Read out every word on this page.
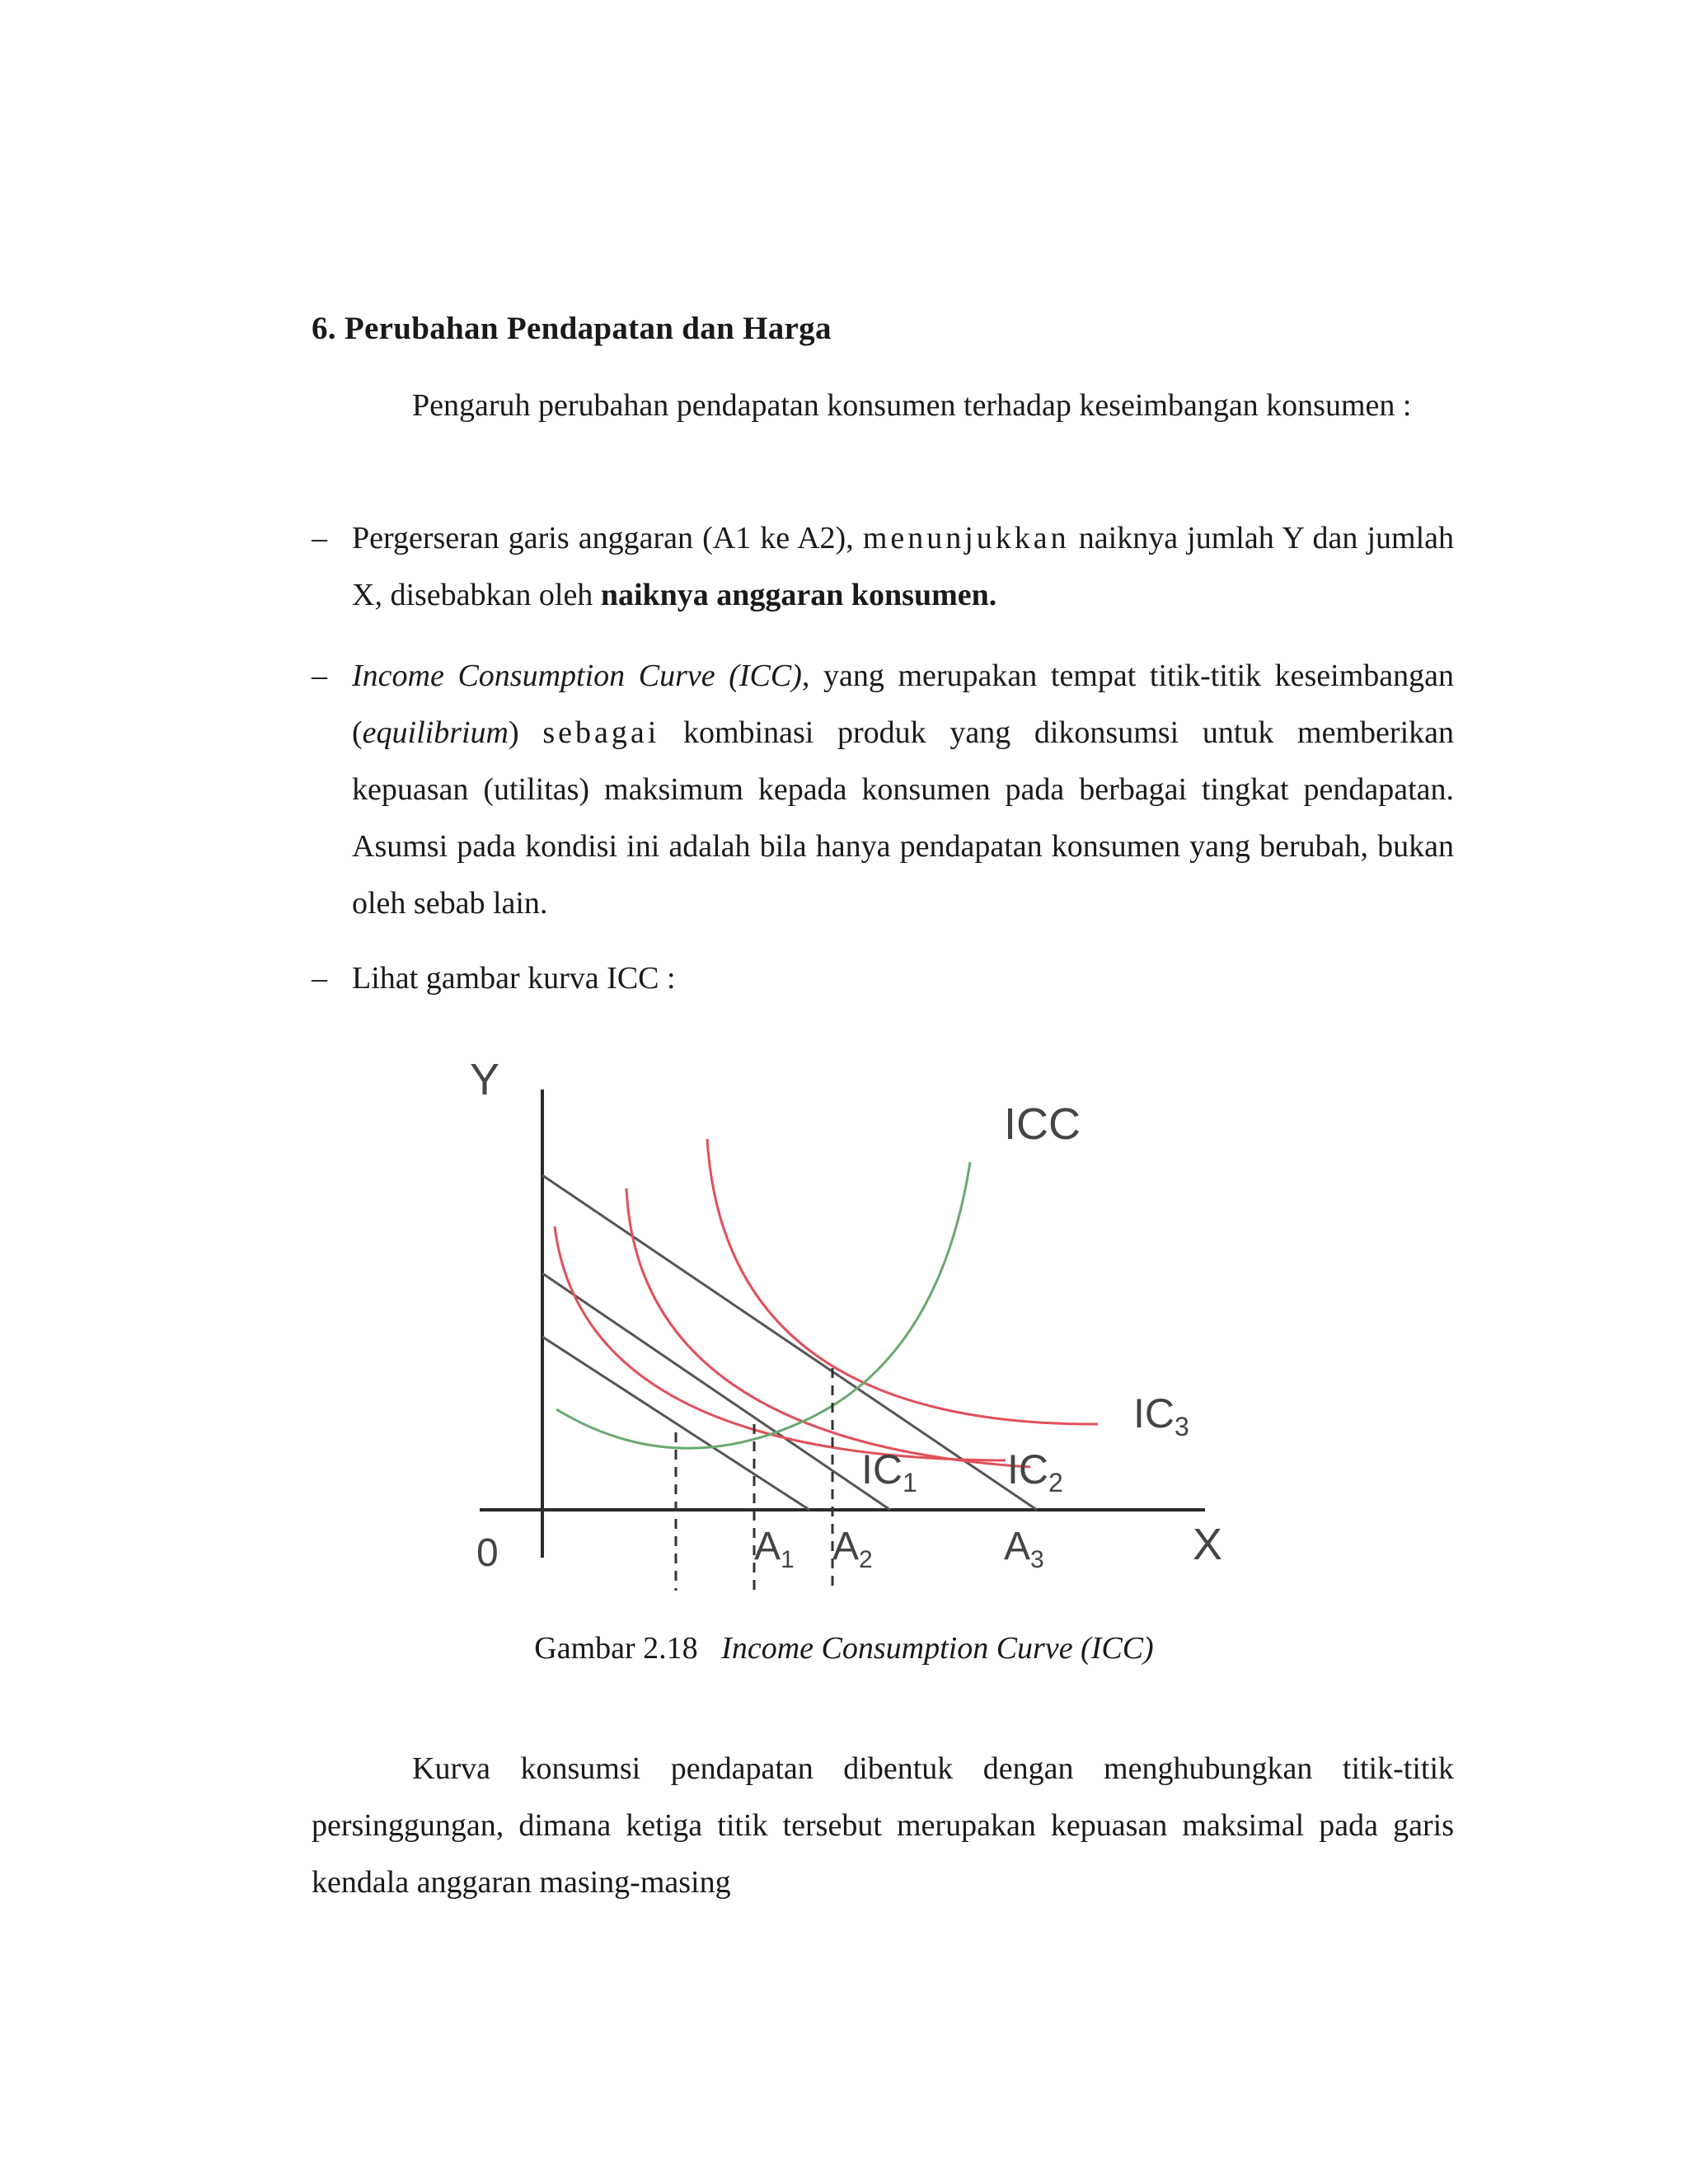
6. Perubahan Pendapatan dan Harga
Pengaruh perubahan pendapatan konsumen terhadap keseimbangan konsumen :
– Pergerseran garis anggaran (A1 ke A2), menunjukkan naiknya jumlah Y dan jumlah X, disebabkan oleh naiknya anggaran konsumen.
– Income Consumption Curve (ICC), yang merupakan tempat titik-titik keseimbangan (equilibrium) sebagai kombinasi produk yang dikonsumsi untuk memberikan kepuasan (utilitas) maksimum kepada konsumen pada berbagai tingkat pendapatan. Asumsi pada kondisi ini adalah bila hanya pendapatan konsumen yang berubah, bukan oleh sebab lain.
– Lihat gambar kurva ICC :
Y
X
0
ICC
$IC_1$ $IC_2$
$IC_3$
$A_1$ $A_2$	$A_3$
Gambar 2.18 Income Consumption Curve (ICC)
Kurva konsumsi pendapatan dibentuk dengan menghubungkan titik-titik persinggungan, dimana ketiga titik tersebut merupakan kepuasan maksimal pada garis kendala anggaran masing-masing
